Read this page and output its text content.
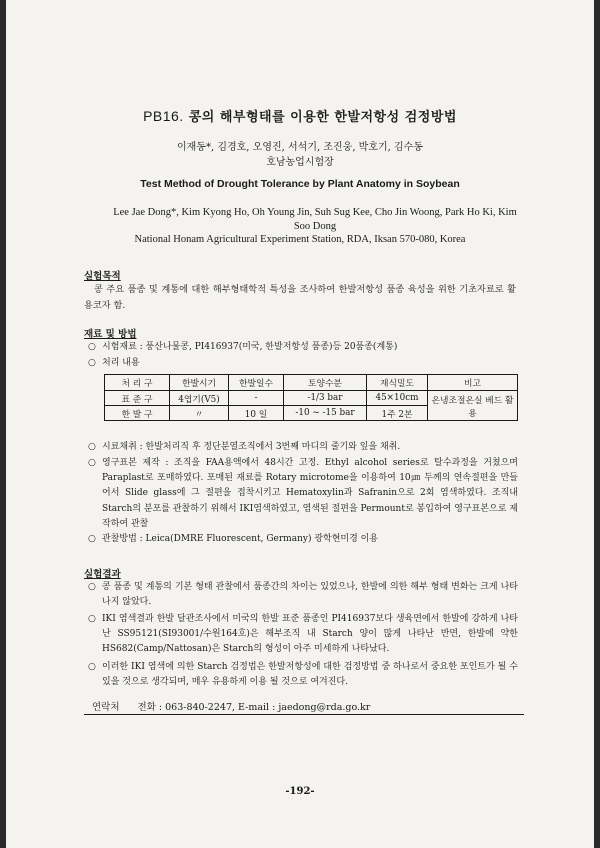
PB16. 콩의 해부형태를 이용한 한발저항성 검정방법
이재동*, 김경호, 오영진, 서석기, 조진웅, 박호기, 김수동
호남농업시험장
Test Method of Drought Tolerance by Plant Anatomy in Soybean
Lee Jae Dong*, Kim Kyong Ho, Oh Young Jin, Suh Sug Kee, Cho Jin Woong, Park Ho Ki, Kim Soo Dong
National Honam Agricultural Experiment Station, RDA, Iksan 570-080, Korea
실험목적
콩 주요 품종 및 계통에 대한 해부형태학적 특성을 조사하여 한발저항성 품종 육성을 위한 기초자료로 활용코자 함.
재료 및 방법
○ 시험재료 : 풍산나물콩, PI416937(미국, 한발저항성 품종)등 20품종(계통)
○ 처리 내용
처 리 구	한발시기	한발일수	토양수분	재식밀도	비고
표 준 구	4엽기(V5)	-	-1/3 bar	45×10cm	온냉조절온실 베드 활용
한 발 구	〃	10 일	-10 ~ -15 bar	1주 2본	
○ 시료채취 : 한발처리직 후 정단분열조직에서 3번째 마디의 줄기와 잎을 채취.
○ 영구표본 제작 : 조직을 FAA용액에서 48시간 고정. Ethyl alcohol series로 탈수과정을 거쳤으며 Paraplast로 포매하였다. 포매된 재료를 Rotary microtome을 이용하여 10㎛ 두께의 연속절편을 만들어서 Slide glass에 그 절편을 접착시키고 Hematoxylin과 Safranin으로 2회 염색하였다. 조직내 Starch의 분포를 관찰하기 위해서 IKI염색하였고, 염색된 절편을 Permount로 봉입하여 영구표본으로 제작하여 관찰
○ 관찰방법 : Leica(DMRE Fluorescent, Germany) 광학현미경 이용
실험결과
○ 콩 품종 및 계통의 기본 형태 관찰에서 품종간의 차이는 있었으나, 한발에 의한 해부 형태 변화는 크게 나타나지 않았다.
○ IKI 염색결과 한발 달관조사에서 미국의 한발 표준 품종인 PI416937보다 생육면에서 한발에 강하게 나타난 SS95121(SI93001/수원164호)은 해부조직 내 Starch 양이 많게 나타난 반면, 한발에 약한 HS682(Camp/Nattosan)은 Starch의 형성이 아주 미세하게 나타났다.
○ 이러한 IKI 염색에 의한 Starch 검정법은 한발저항성에 대한 검정방법 중 하나로서 중요한 포인트가 될 수 있을 것으로 생각되며, 매우 유용하게 이용 될 것으로 여겨진다.
연락처 전화 : 063-840-2247, E-mail : jaedong@rda.go.kr
-192-
